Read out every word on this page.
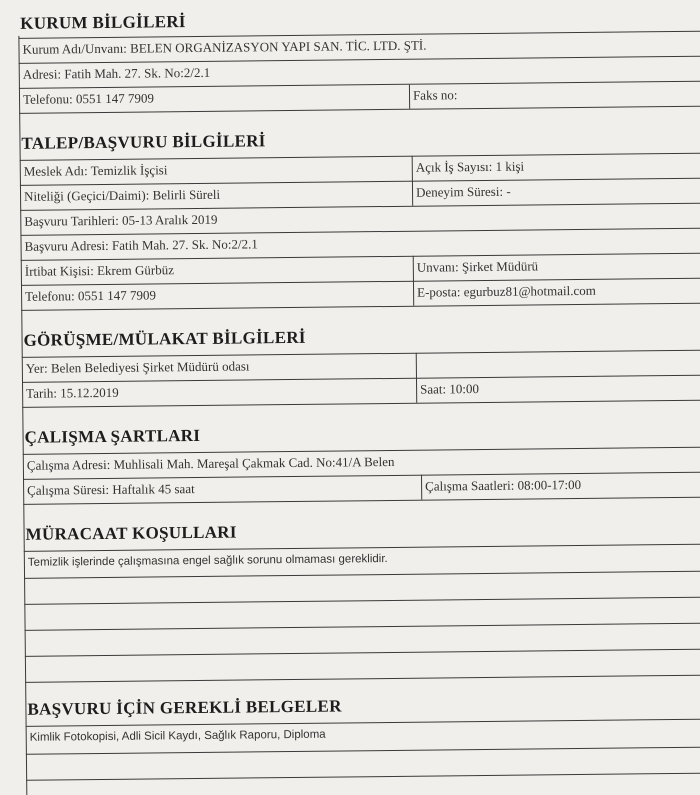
KURUM BİLGİLERİ
Kurum Adı/Unvanı: BELEN ORGANİZASYON YAPI SAN. TİC. LTD. ŞTİ.
Adresi: Fatih Mah. 27. Sk. No:2/2.1
Telefonu: 0551 147 7909	Faks no:
TALEP/BAŞVURU BİLGİLERİ
Meslek Adı: Temizlik İşçisi	Açık İş Sayısı: 1 kişi
Niteliği (Geçici/Daimi): Belirli Süreli	Deneyim Süresi: -
Başvuru Tarihleri: 05-13 Aralık 2019
Başvuru Adresi: Fatih Mah. 27. Sk. No:2/2.1
İrtibat Kişisi: Ekrem Gürbüz	Unvanı: Şirket Müdürü
Telefonu: 0551 147 7909	E-posta: egurbuz81@hotmail.com
GÖRÜŞME/MÜLAKAT BİLGİLERİ
Yer: Belen Belediyesi Şirket Müdürü odası
Tarih: 15.12.2019	Saat: 10:00
ÇALIŞMA ŞARTLARI
Çalışma Adresi: Muhlisali Mah. Mareşal Çakmak Cad. No:41/A Belen
Çalışma Süresi: Haftalık 45 saat	Çalışma Saatleri: 08:00-17:00
MÜRACAAT KOŞULLARI
Temizlik işlerinde çalışmasına engel sağlık sorunu olmaması gereklidir.
BAŞVURU İÇİN GEREKLİ BELGELER
Kimlik Fotokopisi, Adli Sicil Kaydı, Sağlık Raporu, Diploma
